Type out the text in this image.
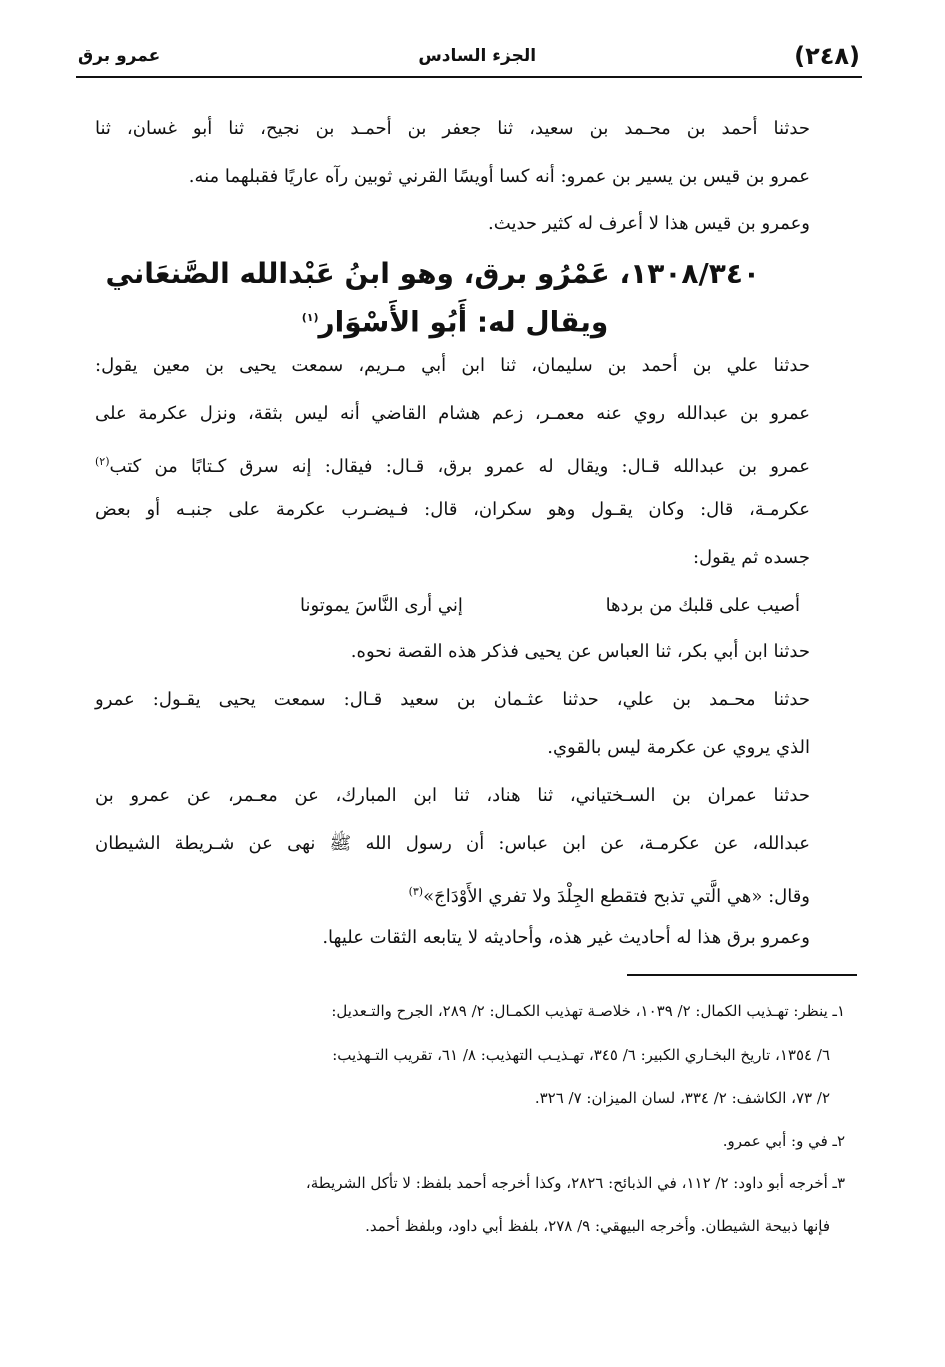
(٢٤٨)
الجزء السادس
عمرو برق
حدثنا أحمد بن محـمد بن سعيد، ثنا جعفر بن أحمـد بن نجيح، ثنا أبو غسان، ثنا
عمرو بن قيس بن يسير بن عمرو: أنه كسا أويسًا القرني ثوبين رآه عاريًا فقبلهما منه.
وعمرو بن قيس هذا لا أعرف له كثير حديث.
١٣٠٨/٣٤٠، عَمْرُو برق، وهو ابنُ عَبْدالله الصَّنعَاني
ويقال له: أَبُو الأَسْوَار$^{(١)}$
حدثنا علي بن أحمد بن سليمان، ثنا ابن أبي مـريم، سمعت يحيى بن معين يقول:
عمرو بن عبدالله روي عنه معمـر، زعم هشام القاضي أنه ليس بثقة، ونزل عكرمة على
عمرو بن عبدالله قـال: ويقال له عمرو برق، قـال: فيقال: إنه سرق كـتابًا من كتب$^{(٢)}$
عكرمـة، قال: وكان يقـول وهو سكران، قال: فـيضـرب عكرمة على جنبـه أو بعض
جسده ثم يقول:
أصيب على قلبك من بردها
إني أرى النَّاسَ يموتونا
حدثنا ابن أبي بكر، ثنا العباس عن يحيى فذكر هذه القصة نحوه.
حدثنا محـمد بن علي، حدثنا عثـمان بن سعيد قـال: سمعت يحيى يقـول: عمرو
الذي يروي عن عكرمة ليس بالقوي.
حدثنا عمران بن السـختياني، ثنا هناد، ثنا ابن المبارك، عن معـمر، عن عمرو بن
عبدالله، عن عكرمـة، عن ابن عباس: أن رسول الله ﷺ نهى عن شـريطة الشيطان
وقال: «هي الَّتي تذبح فتقطع الجِلْدَ ولا تفري الأَوْدَاجَ»$^{(٣)}$
وعمرو برق هذا له أحاديث غير هذه، وأحاديثه لا يتابعه الثقات عليها.
١ـ ينظر: تهـذيب الكمال: ٢/ ١٠٣٩، خلاصـة تهذيب الكمـال: ٢/ ٢٨٩، الجرح والتـعديل:
٦/ ١٣٥٤، تاريخ البخـاري الكبير: ٦/ ٣٤٥، تهـذيـب التهذيب: ٨/ ٦١، تقريب التـهذيب:
٢/ ٧٣، الكاشف: ٢/ ٣٣٤، لسان الميزان: ٧/ ٣٢٦.
٢ـ في و: أبي عمرو.
٣ـ أخرجه أبو داود: ٢/ ١١٢، في الذبائح: ٢٨٢٦، وكذا أخرجه أحمد بلفظ: لا تأكل الشريطة،
فإنها ذبيحة الشيطان. وأخرجه البيهقي: ٩/ ٢٧٨، بلفظ أبي داود، وبلفظ أحمد.
